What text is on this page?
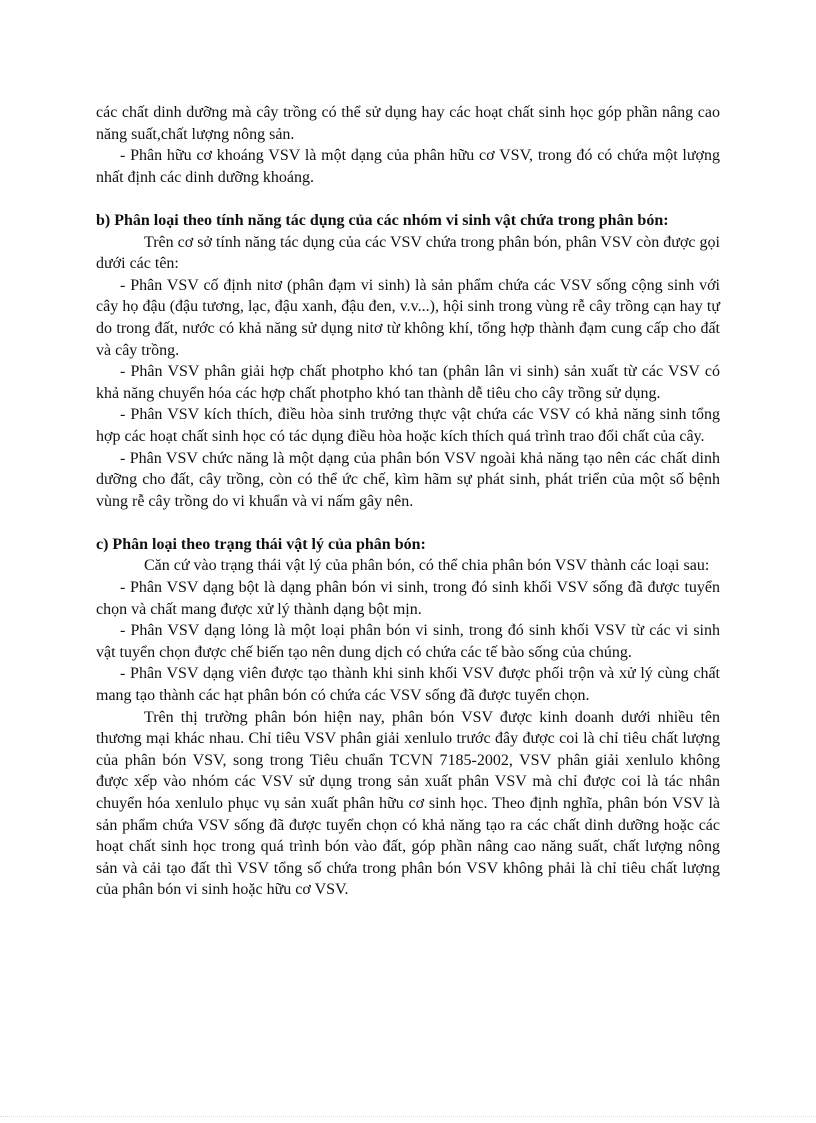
các chất dinh dưỡng mà cây trồng có thể sử dụng hay các hoạt chất sinh học góp phần nâng cao năng suất,chất lượng nông sản.

- Phân hữu cơ khoáng VSV là một dạng của phân hữu cơ VSV, trong đó có chứa một lượng nhất định các dinh dưỡng khoáng.

b) Phân loại theo tính năng tác dụng của các nhóm vi sinh vật chứa trong phân bón:

Trên cơ sở tính năng tác dụng của các VSV chứa trong phân bón, phân VSV còn được gọi dưới các tên:

- Phân VSV cố định nitơ (phân đạm vi sinh) là sản phẩm chứa các VSV sống cộng sinh với cây họ đậu (đậu tương, lạc, đậu xanh, đậu đen, v.v...), hội sinh trong vùng rễ cây trồng cạn hay tự do trong đất, nước có khả năng sử dụng nitơ từ không khí, tổng hợp thành đạm cung cấp cho đất và cây trồng.

- Phân VSV phân giải hợp chất photpho khó tan (phân lân vi sinh) sản xuất từ các VSV có khả năng chuyển hóa các hợp chất photpho khó tan thành dễ tiêu cho cây trồng sử dụng.

- Phân VSV kích thích, điều hòa sinh trưởng thực vật chứa các VSV có khả năng sinh tổng hợp các hoạt chất sinh học có tác dụng điều hòa hoặc kích thích quá trình trao đổi chất của cây.

- Phân VSV chức năng là một dạng của phân bón VSV ngoài khả năng tạo nên các chất dinh dưỡng cho đất, cây trồng, còn có thể ức chế, kìm hãm sự phát sinh, phát triển của một số bệnh vùng rễ cây trồng do vi khuẩn và vi nấm gây nên.

c) Phân loại theo trạng thái vật lý của phân bón:

Căn cứ vào trạng thái vật lý của phân bón, có thể chia phân bón VSV thành các loại sau:

- Phân VSV dạng bột là dạng phân bón vi sinh, trong đó sinh khối VSV sống đã được tuyển chọn và chất mang được xử lý thành dạng bột mịn.

- Phân VSV dạng lỏng là một loại phân bón vi sinh, trong đó sinh khối VSV từ các vi sinh vật tuyển chọn được chế biến tạo nên dung dịch có chứa các tế bào sống của chúng.

- Phân VSV dạng viên được tạo thành khi sinh khối VSV được phối trộn và xử lý cùng chất mang tạo thành các hạt phân bón có chứa các VSV sống đã được tuyển chọn.

Trên thị trường phân bón hiện nay, phân bón VSV được kinh doanh dưới nhiều tên thương mại khác nhau. Chỉ tiêu VSV phân giải xenlulo trước đây được coi là chỉ tiêu chất lượng của phân bón VSV, song trong Tiêu chuẩn TCVN 7185-2002, VSV phân giải xenlulo không được xếp vào nhóm các VSV sử dụng trong sản xuất phân VSV mà chỉ được coi là tác nhân chuyển hóa xenlulo phục vụ sản xuất phân hữu cơ sinh học. Theo định nghĩa, phân bón VSV là sản phẩm chứa VSV sống đã được tuyển chọn có khả năng tạo ra các chất dinh dưỡng hoặc các hoạt chất sinh học trong quá trình bón vào đất, góp phần nâng cao năng suất, chất lượng nông sản và cải tạo đất thì VSV tổng số chứa trong phân bón VSV không phải là chỉ tiêu chất lượng của phân bón vi sinh hoặc hữu cơ VSV.
